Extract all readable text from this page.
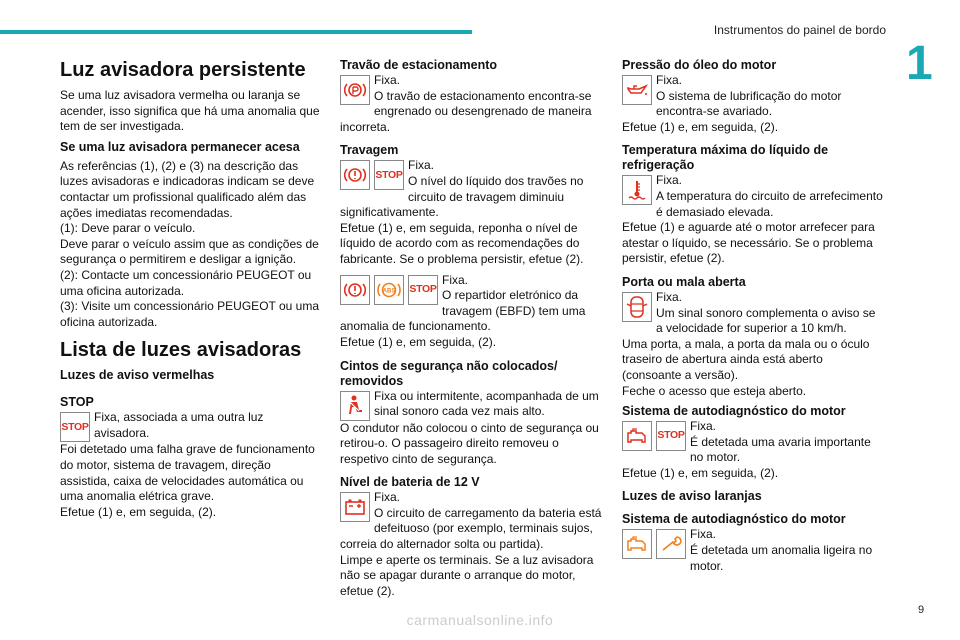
Instrumentos do painel de bordo
1
Luz avisadora persistente

Se uma luz avisadora vermelha ou laranja se acender, isso significa que há uma anomalia que tem de ser investigada.

Se uma luz avisadora permanecer acesa

As referências (1), (2) e (3) na descrição das luzes avisadoras e indicadoras indicam se deve contactar um profissional qualificado além das ações imediatas recomendadas.

(1): Deve parar o veículo.

Deve parar o veículo assim que as condições de segurança o permitirem e desligar a ignição.

(2): Contacte um concessionário PEUGEOT ou uma oficina autorizada.

(3): Visite um concessionário PEUGEOT ou uma oficina autorizada.

Lista de luzes avisadoras
Luzes de aviso vermelhas
STOP
STOP

Fixa, associada a uma outra luz avisadora.

Foi detetado uma falha grave de funcionamento do motor, sistema de travagem, direção assistida, caixa de velocidades automática ou uma anomalia elétrica grave.

Efetue (1) e, em seguida, (2).

Travão de estacionamento

Fixa.

O travão de estacionamento encontra-se engrenado ou desengrenado de maneira incorreta.

Travagem
STOP

Fixa.

O nível do líquido dos travões no circuito de travagem diminuiu significativamente.

Efetue (1) e, em seguida, reponha o nível de líquido de acordo com as recomendações do fabricante. Se o problema persistir, efetue (2).

ABS STOP

Fixa.

O repartidor eletrónico da travagem (EBFD) tem uma anomalia de funcionamento.

Efetue (1) e, em seguida, (2).

Cintos de segurança não colocados/ removidos

Fixa ou intermitente, acompanhada de um sinal sonoro cada vez mais alto.

O condutor não colocou o cinto de segurança ou retirou-o. O passageiro direito removeu o respetivo cinto de segurança.

Nível de bateria de 12 V

Fixa.

O circuito de carregamento da bateria está defeituoso (por exemplo, terminais sujos, correia do alternador solta ou partida).

Limpe e aperte os terminais. Se a luz avisadora não se apagar durante o arranque do motor, efetue (2).

Pressão do óleo do motor

Fixa.

O sistema de lubrificação do motor encontra-se avariado.

Efetue (1) e, em seguida, (2).

Temperatura máxima do líquido de refrigeração

Fixa.

A temperatura do circuito de arrefecimento é demasiado elevada.

Efetue (1) e aguarde até o motor arrefecer para atestar o líquido, se necessário. Se o problema persistir, efetue (2).

Porta ou mala aberta

Fixa.

Um sinal sonoro complementa o aviso se a velocidade for superior a 10 km/h.

Uma porta, a mala, a porta da mala ou o óculo traseiro de abertura ainda está aberto (consoante a versão).

Feche o acesso que esteja aberto.

Sistema de autodiagnóstico do motor
STOP

Fixa.

É detetada uma avaria importante no motor.

Efetue (1) e, em seguida, (2).

Luzes de aviso laranjas
Sistema de autodiagnóstico do motor

Fixa.

É detetada um anomalia ligeira no motor.

carmanualsonline.info
9
